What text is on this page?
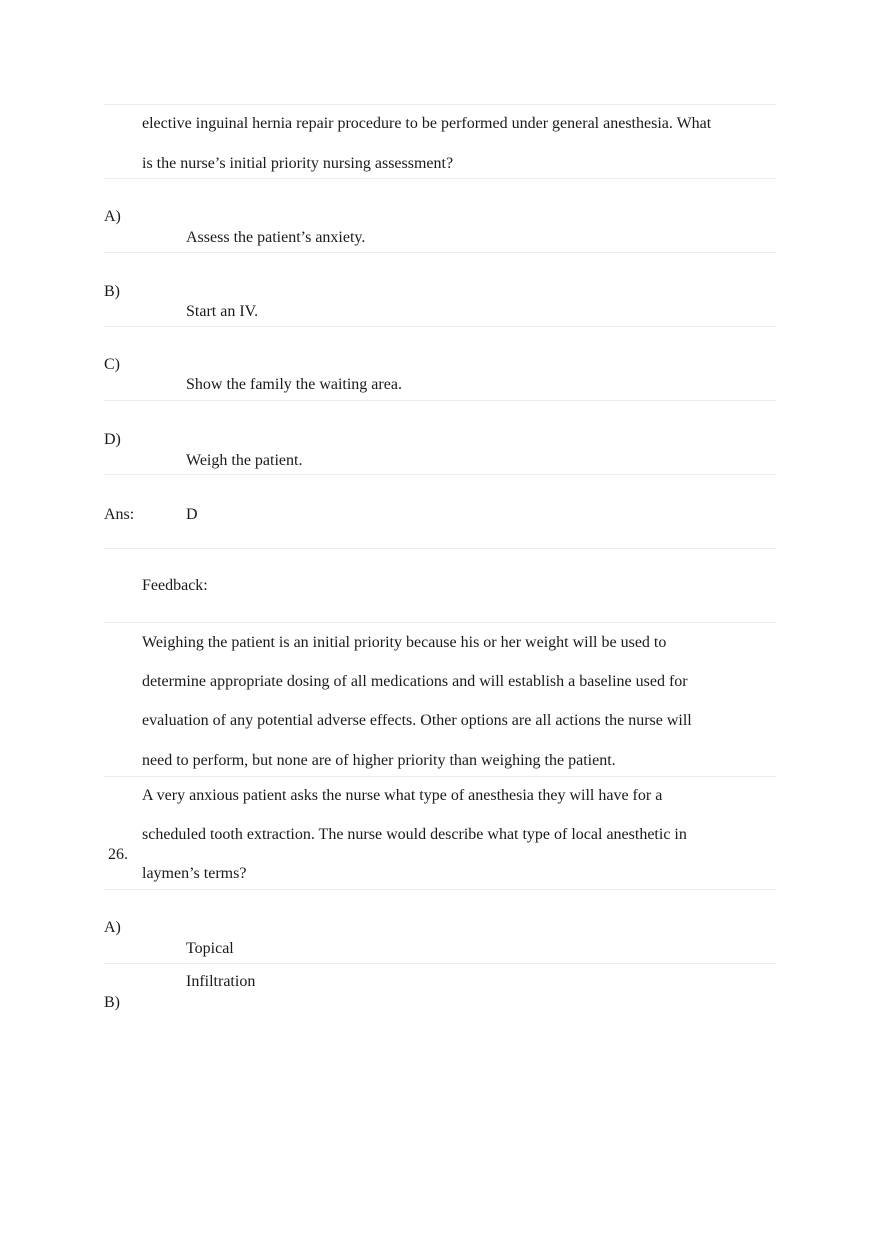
elective inguinal hernia repair procedure to be performed under general anesthesia. What
is the nurse’s initial priority nursing assessment?
A)
Assess the patient’s anxiety.
B)
Start an IV.
C)
Show the family the waiting area.
D)
Weigh the patient.
Ans:	D
Feedback:
Weighing the patient is an initial priority because his or her weight will be used to
determine appropriate dosing of all medications and will establish a baseline used for
evaluation of any potential adverse effects. Other options are all actions the nurse will
need to perform, but none are of higher priority than weighing the patient.
26.
A very anxious patient asks the nurse what type of anesthesia they will have for a
scheduled tooth extraction. The nurse would describe what type of local anesthetic in
laymen’s terms?
A)
Topical
Infiltration
B)
